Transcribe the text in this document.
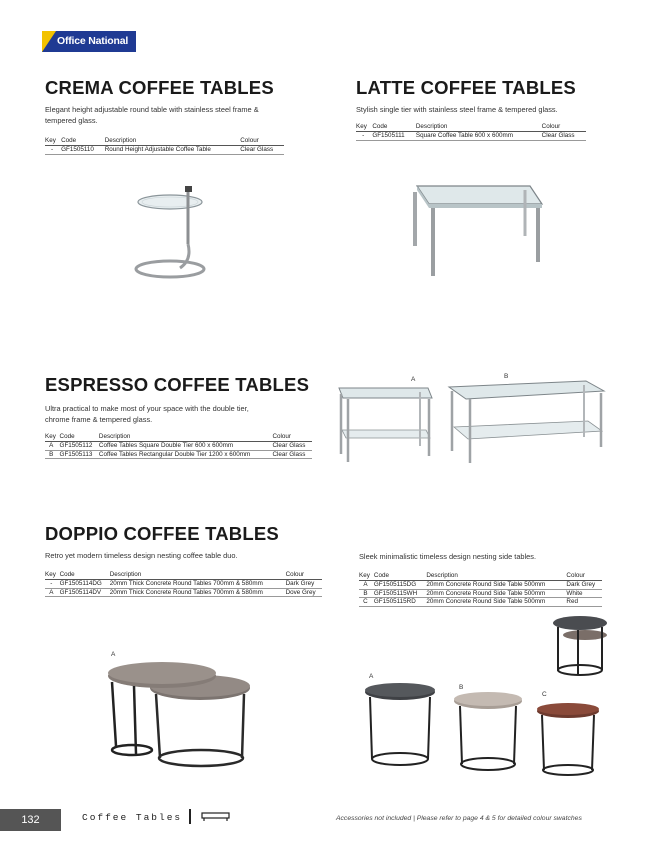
Office National
CREMA COFFEE TABLES
Elegant height adjustable round table with stainless steel frame &
tempered glass.
Key	Code	Description	Colour
-	GF1505110	Round Height Adjustable Coffee Table	Clear Glass
LATTE COFFEE TABLES
Stylish single tier with stainless steel frame & tempered glass.
Key	Code	Description	Colour
-	GF1505111	Square Coffee Table 600 x 600mm	Clear Glass
ESPRESSO COFFEE TABLES
Ultra practical to make most of your space with the double tier,
chrome frame & tempered glass.
Key	Code	Description	Colour
A	GF1505112	Coffee Tables Square Double Tier 600 x 600mm	Clear Glass
B	GF1505113	Coffee Tables Rectangular Double Tier 1200 x 600mm	Clear Glass
A	B
DOPPIO COFFEE TABLES
Retro yet modern timeless design nesting coffee table duo.
Key	Code	Description	Colour
-	GF1505114DG	20mm Thick Concrete Round Tables 700mm & 580mm	Dark Grey
A	GF1505114DV	20mm Thick Concrete Round Tables 700mm & 580mm	Dove Grey
A
Sleek minimalistic timeless design nesting side tables.
Key	Code	Description	Colour
A	GF1505115DG	20mm Concrete Round Side Table 500mm	Dark Grey
B	GF1505115WH	20mm Concrete Round Side Table 500mm	White
C	GF1505115RD	20mm Concrete Round Side Table 500mm	Red
A
B
C
132	Coffee Tables	Accessories not included | Please refer to page 4 & 5 for detailed colour swatches
